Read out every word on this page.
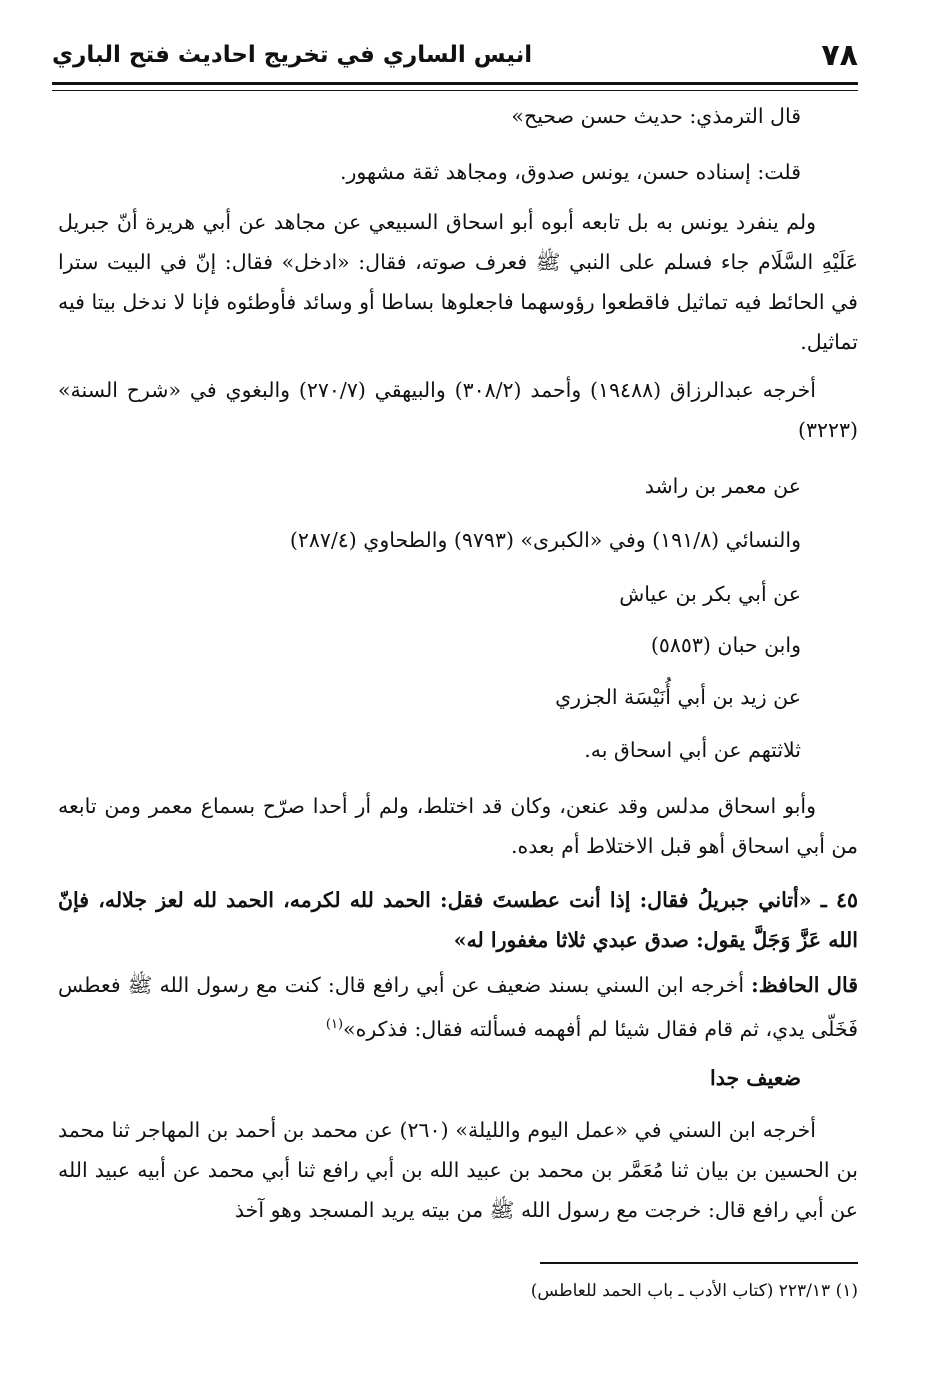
٧٨
انيس الساري في تخريج احاديث فتح الباري
قال الترمذي: حديث حسن صحيح»
قلت: إسناده حسن، يونس صدوق، ومجاهد ثقة مشهور.
ولم ينفرد يونس به بل تابعه أبوه أبو اسحاق السبيعي عن مجاهد عن أبي هريرة أنّ جبريل عَلَيْهِ السَّلَام جاء فسلم على النبي ﷺ فعرف صوته، فقال: «ادخل» فقال: إنّ في البيت سترا في الحائط فيه تماثيل فاقطعوا رؤوسهما فاجعلوها بساطا أو وسائد فأوطئوه فإنا لا ندخل بيتا فيه تماثيل.
أخرجه عبدالرزاق (١٩٤٨٨) وأحمد (٣٠٨/٢) والبيهقي (٢٧٠/٧) والبغوي في «شرح السنة» (٣٢٢٣)
عن معمر بن راشد
والنسائي (١٩١/٨) وفي «الكبرى» (٩٧٩٣) والطحاوي (٢٨٧/٤)
عن أبي بكر بن عياش
وابن حبان (٥٨٥٣)
عن زيد بن أبي أُنَيْسَة الجزري
ثلاثتهم عن أبي اسحاق به.
وأبو اسحاق مدلس وقد عنعن، وكان قد اختلط، ولم أر أحدا صرّح بسماع معمر ومن تابعه من أبي اسحاق أهو قبل الاختلاط أم بعده.
٤٥ ـ «أتاني جبريلُ فقال: إذا أنت عطستَ فقل: الحمد لله لكرمه، الحمد لله لعز جلاله، فإنّ الله عَزَّ وَجَلَّ يقول: صدق عبدي ثلاثا مغفورا له»
قال الحافظ: أخرجه ابن السني بسند ضعيف عن أبي رافع قال: كنت مع رسول الله ﷺ فعطس فَخَلّى يدي، ثم قام فقال شيئا لم أفهمه فسألته فقال: فذكره»$^{(١)}$
ضعيف جدا
أخرجه ابن السني في «عمل اليوم والليلة» (٢٦٠) عن محمد بن أحمد بن المهاجر ثنا محمد بن الحسين بن بيان ثنا مُعَمَّر بن محمد بن عبيد الله بن أبي رافع ثنا أبي محمد عن أبيه عبيد الله عن أبي رافع قال: خرجت مع رسول الله ﷺ من بيته يريد المسجد وهو آخذ
(١) ٢٢٣/١٣ (كتاب الأدب ـ باب الحمد للعاطس)
